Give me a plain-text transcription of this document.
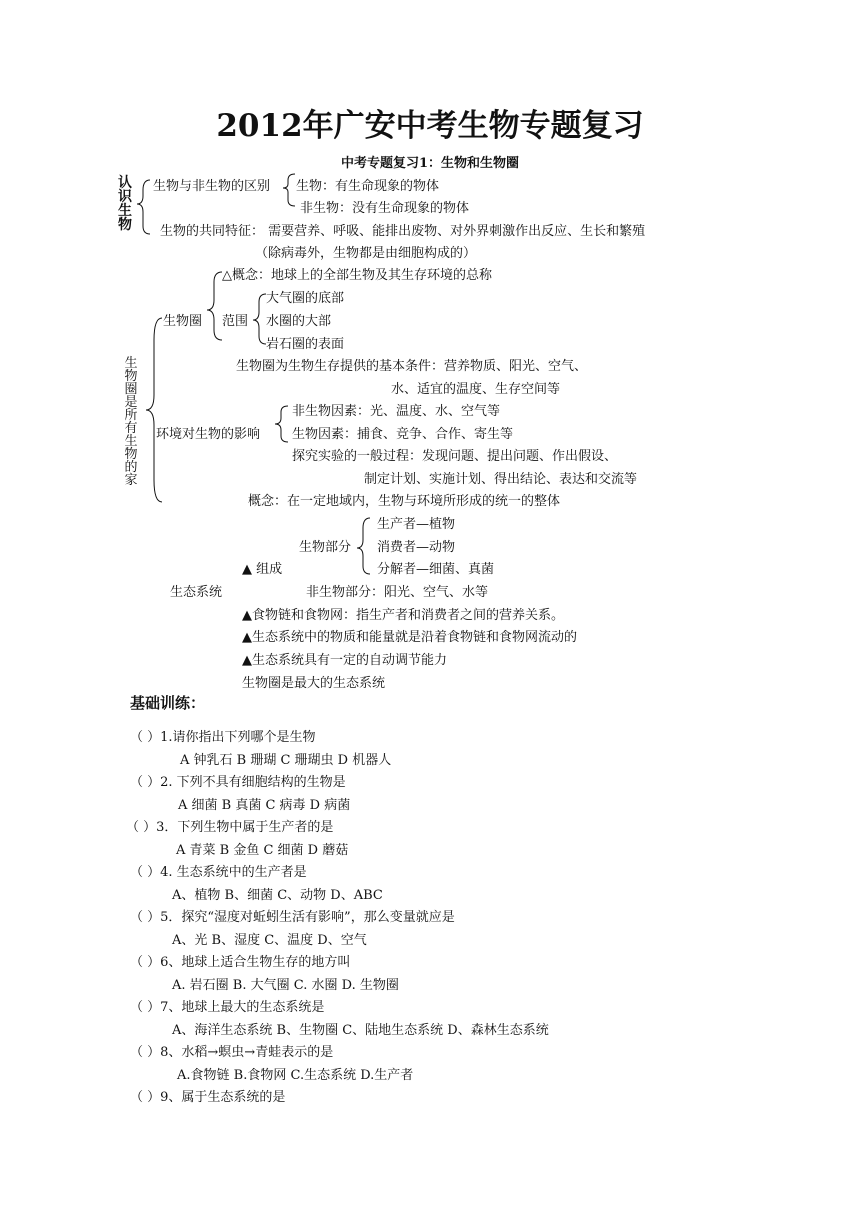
2012年广安中考生物专题复习
中考专题复习1：生物和生物圈
认识生物
生物与非生物的区别 生物：有生命现象的物体
非生物：没有生命现象的物体
生物的共同特征： 需要营养、呼吸、能排出废物、对外界刺激作出反应、生长和繁殖
（除病毒外，生物都是由细胞构成的）
生物圈是所有生物的家
△概念：地球上的全部生物及其生存环境的总称
生物圈 范围
大气圈的底部
水圈的大部
岩石圈的表面
生物圈为生物生存提供的基本条件：营养物质、阳光、空气、
水、适宜的温度、生存空间等
环境对生物的影响
非生物因素：光、温度、水、空气等
生物因素：捕食、竞争、合作、寄生等
探究实验的一般过程：发现问题、提出问题、作出假设、
制定计划、实施计划、得出结论、表达和交流等
概念：在一定地域内，生物与环境所形成的统一的整体
生产者—植物
生物部分 消费者—动物
▲ 组成	分解者—细菌、真菌
生态系统	非生物部分：阳光、空气、水等
▲食物链和食物网：指生产者和消费者之间的营养关系。
▲生态系统中的物质和能量就是沿着食物链和食物网流动的
▲生态系统具有一定的自动调节能力
生物圈是最大的生态系统
基础训练：
（ ）1.请你指出下列哪个是生物
A 钟乳石 B 珊瑚 C 珊瑚虫 D 机器人
（ ）2. 下列不具有细胞结构的生物是
A 细菌 B 真菌 C 病毒 D 病菌
（ ）3．下列生物中属于生产者的是
A 青菜 B 金鱼 C 细菌 D 蘑菇
（ ）4. 生态系统中的生产者是
A、植物 B、细菌 C、动物 D、ABC
（ ）5．探究“湿度对蚯蚓生活有影响”，那么变量就应是
A、光 B、湿度 C、温度 D、空气
（ ）6、地球上适合生物生存的地方叫
A. 岩石圈 B. 大气圈 C. 水圈 D. 生物圈
（ ）7、地球上最大的生态系统是
A、海洋生态系统 B、生物圈 C、陆地生态系统 D、森林生态系统
（ ）8、水稻→螟虫→青蛙表示的是
A.食物链 B.食物网 C.生态系统 D.生产者
（ ）9、属于生态系统的是
